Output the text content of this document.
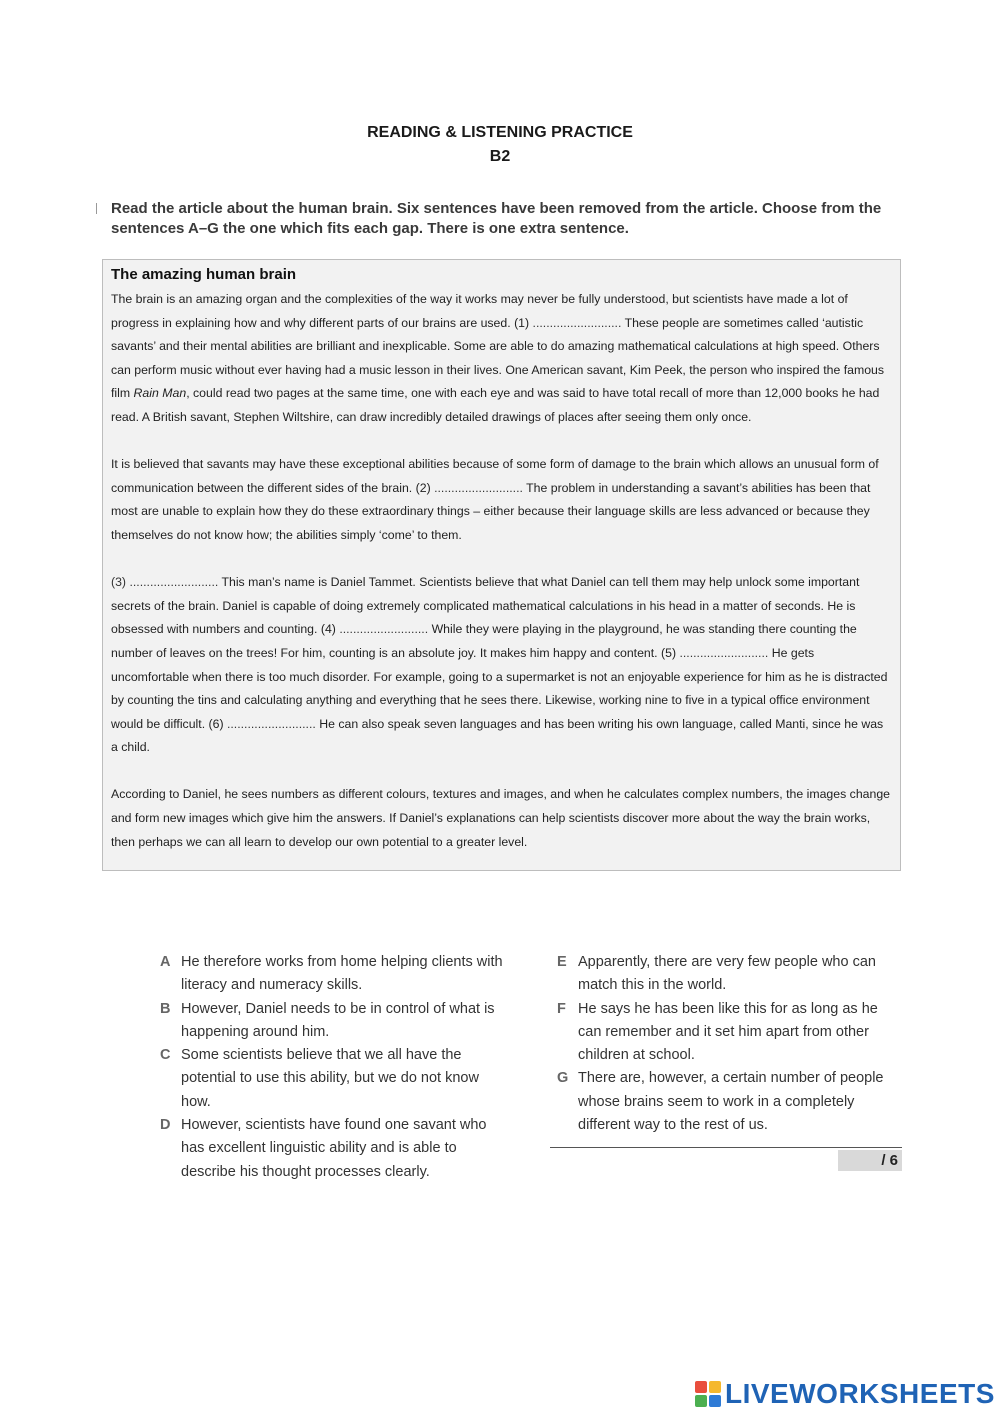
READING & LISTENING PRACTICE
B2
Read the article about the human brain. Six sentences have been removed from the article. Choose from the sentences A–G the one which fits each gap. There is one extra sentence.
The amazing human brain

The brain is an amazing organ and the complexities of the way it works may never be fully understood, but scientists have made a lot of progress in explaining how and why different parts of our brains are used. (1) .......................... These people are sometimes called ‘autistic savants’ and their mental abilities are brilliant and inexplicable. Some are able to do amazing mathematical calculations at high speed. Others can perform music without ever having had a music lesson in their lives. One American savant, Kim Peek, the person who inspired the famous film Rain Man, could read two pages at the same time, one with each eye and was said to have total recall of more than 12,000 books he had read. A British savant, Stephen Wiltshire, can draw incredibly detailed drawings of places after seeing them only once.

It is believed that savants may have these exceptional abilities because of some form of damage to the brain which allows an unusual form of communication between the different sides of the brain. (2) .......................... The problem in understanding a savant’s abilities has been that most are unable to explain how they do these extraordinary things – either because their language skills are less advanced or because they themselves do not know how; the abilities simply ‘come’ to them.

(3) .......................... This man’s name is Daniel Tammet. Scientists believe that what Daniel can tell them may help unlock some important secrets of the brain. Daniel is capable of doing extremely complicated mathematical calculations in his head in a matter of seconds. He is obsessed with numbers and counting. (4) .......................... While they were playing in the playground, he was standing there counting the number of leaves on the trees! For him, counting is an absolute joy. It makes him happy and content. (5) .......................... He gets uncomfortable when there is too much disorder. For example, going to a supermarket is not an enjoyable experience for him as he is distracted by counting the tins and calculating anything and everything that he sees there. Likewise, working nine to five in a typical office environment would be difficult. (6) .......................... He can also speak seven languages and has been writing his own language, called Manti, since he was a child.

According to Daniel, he sees numbers as different colours, textures and images, and when he calculates complex numbers, the images change and form new images which give him the answers. If Daniel’s explanations can help scientists discover more about the way the brain works, then perhaps we can all learn to develop our own potential to a greater level.

A He therefore works from home helping clients with literacy and numeracy skills.
B However, Daniel needs to be in control of what is happening around him.
C Some scientists believe that we all have the potential to use this ability, but we do not know how.
D However, scientists have found one savant who has excellent linguistic ability and is able to describe his thought processes clearly.
E Apparently, there are very few people who can match this in the world.
F He says he has been like this for as long as he can remember and it set him apart from other children at school.
G There are, however, a certain number of people whose brains seem to work in a completely different way to the rest of us.
/ 6
LIVEWORKSHEETS
